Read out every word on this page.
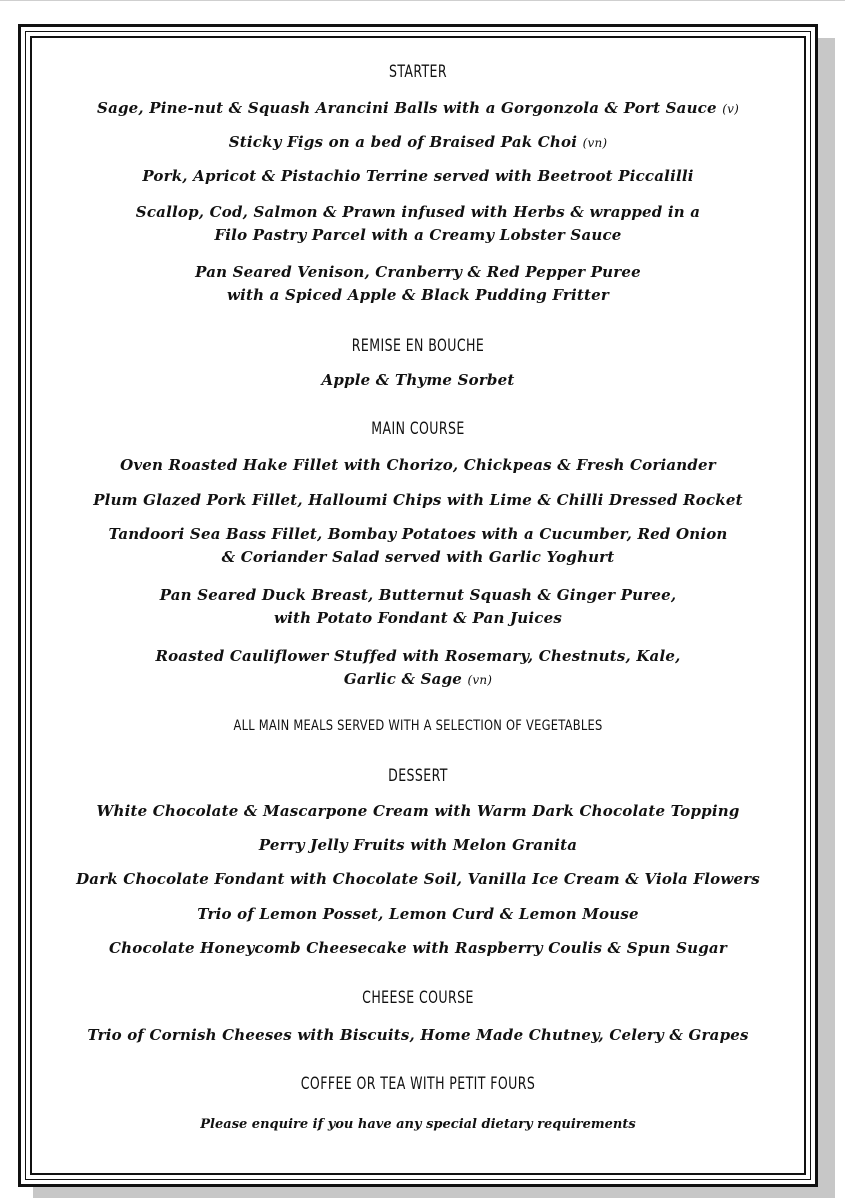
STARTER

Sage, Pine-nut & Squash Arancini Balls with a Gorgonzola & Port Sauce (v)

Sticky Figs on a bed of Braised Pak Choi (vn)

Pork, Apricot & Pistachio Terrine served with Beetroot Piccalilli

Scallop, Cod, Salmon & Prawn infused with Herbs & wrapped in a

Filo Pastry Parcel with a Creamy Lobster Sauce

Pan Seared Venison, Cranberry & Red Pepper Puree

with a Spiced Apple & Black Pudding Fritter

REMISE EN BOUCHE

Apple & Thyme Sorbet

MAIN COURSE

Oven Roasted Hake Fillet with Chorizo, Chickpeas & Fresh Coriander

Plum Glazed Pork Fillet, Halloumi Chips with Lime & Chilli Dressed Rocket

Tandoori Sea Bass Fillet, Bombay Potatoes with a Cucumber, Red Onion

& Coriander Salad served with Garlic Yoghurt

Pan Seared Duck Breast, Butternut Squash & Ginger Puree,

with Potato Fondant & Pan Juices

Roasted Cauliflower Stuffed with Rosemary, Chestnuts, Kale,

Garlic & Sage (vn)

ALL MAIN MEALS SERVED WITH A SELECTION OF VEGETABLES

DESSERT

White Chocolate & Mascarpone Cream with Warm Dark Chocolate Topping

Perry Jelly Fruits with Melon Granita

Dark Chocolate Fondant with Chocolate Soil, Vanilla Ice Cream & Viola Flowers

Trio of Lemon Posset, Lemon Curd & Lemon Mouse

Chocolate Honeycomb Cheesecake with Raspberry Coulis & Spun Sugar

CHEESE COURSE

Trio of Cornish Cheeses with Biscuits, Home Made Chutney, Celery & Grapes

COFFEE OR TEA WITH PETIT FOURS

Please enquire if you have any special dietary requirements
